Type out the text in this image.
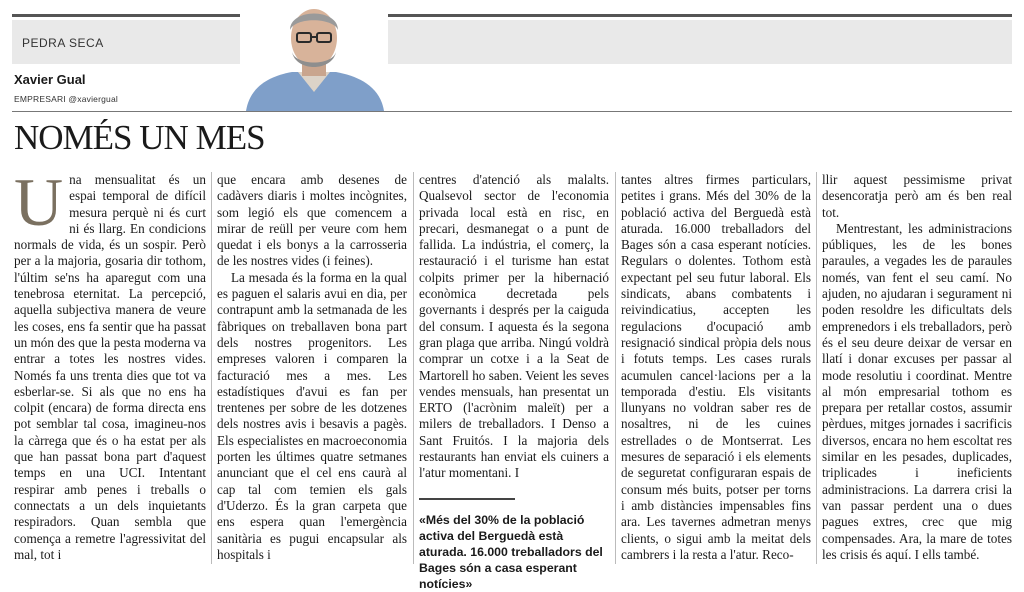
PEDRA SECA
Xavier Gual
EMPRESARI @xaviergual
NOMÉS UN MES
U na mensualitat és un espai temporal de difícil mesura perquè ni és curt ni és llarg. En condicions normals de vida, és un sospir. Però per a la majoria, gosaria dir tothom, l'últim se'ns ha aparegut com una tenebrosa eternitat. La percepció, aquella subjectiva manera de veure les coses, ens fa sentir que ha passat un món des que la pesta moderna va entrar a totes les nostres vides. Només fa uns trenta dies que tot va esberlar-se. Si als que no ens ha colpit (encara) de forma directa ens pot semblar tal cosa, imagineu-nos la càrrega que és o ha estat per als que han passat bona part d'aquest temps en una UCI. Intentant respirar amb penes i treballs o connectats a un dels inquietants respiradors. Quan sembla que comença a remetre l'agressivitat del mal, tot i

que encara amb desenes de cadàvers diaris i moltes incògnites, som legió els que comencem a mirar de reüll per veure com hem quedat i els bonys a la carrosseria de les nostres vides (i feines).

La mesada és la forma en la qual es paguen el salaris avui en dia, per contrapunt amb la setmanada de les fàbriques on treballaven bona part dels nostres progenitors. Les empreses valoren i comparen la facturació mes a mes. Les estadístiques d'avui es fan per trentenes per sobre de les dotzenes dels nostres avis i besavis a pagès. Els especialistes en macroeconomia porten les últimes quatre setmanes anunciant que el cel ens caurà al cap tal com temien els gals d'Uderzo. És la gran carpeta que ens espera quan l'emergència sanitària es pugui encapsular als hospitals i

centres d'atenció als malalts. Qualsevol sector de l'economia privada local està en risc, en precari, desmanegat o a punt de fallida. La indústria, el comerç, la restauració i el turisme han estat colpits primer per la hibernació econòmica decretada pels governants i després per la caiguda del consum. I aquesta és la segona gran plaga que arriba. Ningú voldrà comprar un cotxe i a la Seat de Martorell ho saben. Veient les seves vendes mensuals, han presentat un ERTO (l'acrònim maleït) per a milers de treballadors. I Denso a Sant Fruitós. I la majoria dels restaurants han enviat els cuiners a l'atur momentani. I

«Més del 30% de la població activa del Berguedà està aturada. 16.000 treballadors del Bages són a casa esperant notícies»

tantes altres firmes particulars, petites i grans. Més del 30% de la població activa del Berguedà està aturada. 16.000 treballadors del Bages són a casa esperant notícies. Regulars o dolentes. Tothom està expectant pel seu futur laboral. Els sindicats, abans combatents i reivindicatius, accepten les regulacions d'ocupació amb resignació sindical pròpia dels nous i fotuts temps. Les cases rurals acumulen cancel·lacions per a la temporada d'estiu. Els visitants llunyans no voldran saber res de nosaltres, ni de les cuines estrellades o de Montserrat. Les mesures de separació i els elements de seguretat configuraran espais de consum més buits, potser per torns i amb distàncies impensables fins ara. Les tavernes admetran menys clients, o sigui amb la meitat dels cambrers i la resta a l'atur. Reco-

llir aquest pessimisme privat desencoratja però am és ben real tot.

Mentrestant, les administracions públiques, les de les bones paraules, a vegades les de paraules només, van fent el seu camí. No ajuden, no ajudaran i segurament ni poden resoldre les dificultats dels emprenedors i els treballadors, però és el seu deure deixar de versar en llatí i donar excuses per passar al mode resolutiu i coordinat. Mentre al món empresarial tothom es prepara per retallar costos, assumir pèrdues, mitges jornades i sacrificis diversos, encara no hem escoltat res similar en les pesades, duplicades, triplicades i ineficients administracions. La darrera crisi la van passar perdent una o dues pagues extres, crec que mig compensades. Ara, la mare de totes les crisis és aquí. I ells també.
